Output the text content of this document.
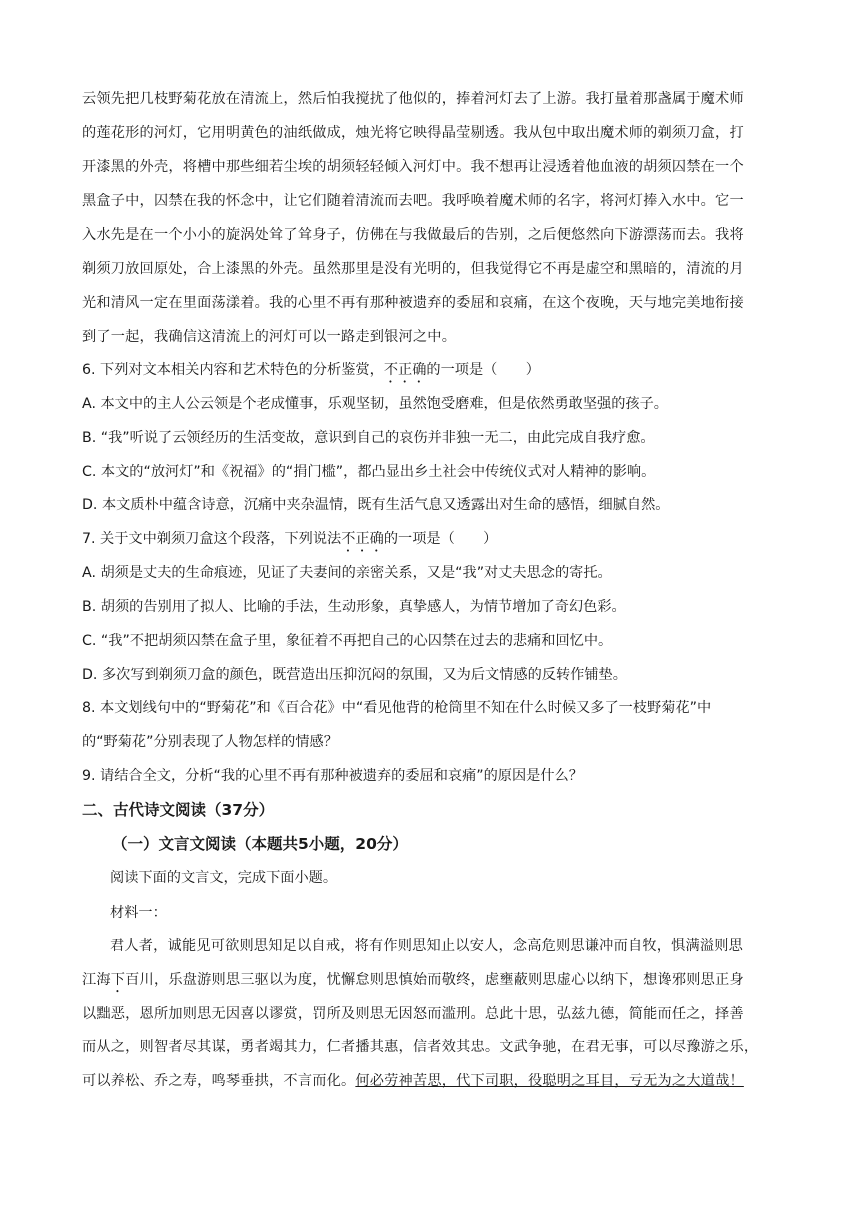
云领先把几枝野菊花放在清流上，然后怕我搅扰了他似的，捧着河灯去了上游。我打量着那盏属于魔术师
的莲花形的河灯，它用明黄色的油纸做成，烛光将它映得晶莹剔透。我从包中取出魔术师的剃须刀盒，打
开漆黑的外壳，将槽中那些细若尘埃的胡须轻轻倾入河灯中。我不想再让浸透着他血液的胡须囚禁在一个
黑盒子中，囚禁在我的怀念中，让它们随着清流而去吧。我呼唤着魔术师的名字，将河灯捧入水中。它一
入水先是在一个小小的旋涡处耸了耸身子，仿佛在与我做最后的告别，之后便悠然向下游漂荡而去。我将
剃须刀放回原处，合上漆黑的外壳。虽然那里是没有光明的，但我觉得它不再是虚空和黑暗的，清流的月
光和清风一定在里面荡漾着。我的心里不再有那种被遗弃的委屈和哀痛，在这个夜晚，天与地完美地衔接
到了一起，我确信这清流上的河灯可以一路走到银河之中。
6. 下列对文本相关内容和艺术特色的分析鉴赏，不正确的一项是（　　）
A. 本文中的主人公云领是个老成懂事，乐观坚韧，虽然饱受磨难，但是依然勇敢坚强的孩子。
B. “我”听说了云领经历的生活变故，意识到自己的哀伤并非独一无二，由此完成自我疗愈。
C. 本文的“放河灯”和《祝福》的“捐门槛”，都凸显出乡土社会中传统仪式对人精神的影响。
D. 本文质朴中蕴含诗意，沉痛中夹杂温情，既有生活气息又透露出对生命的感悟，细腻自然。
7. 关于文中剃须刀盒这个段落，下列说法不正确的一项是（　　）
A. 胡须是丈夫的生命痕迹，见证了夫妻间的亲密关系，又是“我”对丈夫思念的寄托。
B. 胡须的告别用了拟人、比喻的手法，生动形象，真挚感人，为情节增加了奇幻色彩。
C. “我”不把胡须囚禁在盒子里，象征着不再把自己的心囚禁在过去的悲痛和回忆中。
D. 多次写到剃须刀盒的颜色，既营造出压抑沉闷的氛围，又为后文情感的反转作铺垫。
8. 本文划线句中的“野菊花”和《百合花》中“看见他背的枪筒里不知在什么时候又多了一枝野菊花”中
的“野菊花”分别表现了人物怎样的情感？
9. 请结合全文，分析“我的心里不再有那种被遗弃的委屈和哀痛”的原因是什么？
二、古代诗文阅读（37分）
（一）文言文阅读（本题共5小题，20分）
阅读下面的文言文，完成下面小题。
材料一：
君人者，诚能见可欲则思知足以自戒，将有作则思知止以安人，念高危则思谦冲而自牧，惧满溢则思
江海下百川，乐盘游则思三驱以为度，忧懈怠则思慎始而敬终，虑壅蔽则思虚心以纳下，想谗邪则思正身
以黜恶，恩所加则思无因喜以谬赏，罚所及则思无因怒而滥刑。总此十思，弘兹九德，简能而任之，择善
而从之，则智者尽其谋，勇者竭其力，仁者播其惠，信者效其忠。文武争驰，在君无事，可以尽豫游之乐，
可以养松、乔之寿，鸣琴垂拱，不言而化。何必劳神苦思，代下司职，役聪明之耳目，亏无为之大道哉！
